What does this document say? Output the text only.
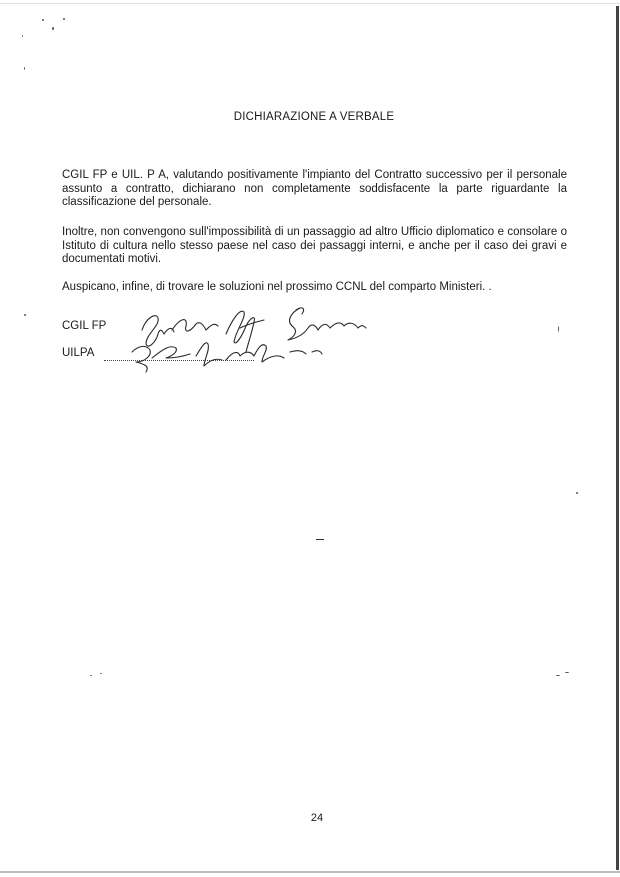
DICHIARAZIONE A VERBALE
CGIL FP e UIL. P A, valutando positivamente l'impianto del Contratto successivo per il personale assunto a contratto, dichiarano non completamente soddisfacente la parte riguardante la classificazione del personale.
Inoltre, non convengono sull'impossibilità di un passaggio ad altro Ufficio diplomatico e consolare o Istituto di cultura nello stesso paese nel caso dei passaggi interni, e anche per il caso dei gravi e documentati motivi.
Auspicano, infine, di trovare le soluzioni nel prossimo CCNL del comparto Ministeri. .
CGIL FP
UILPA
24
